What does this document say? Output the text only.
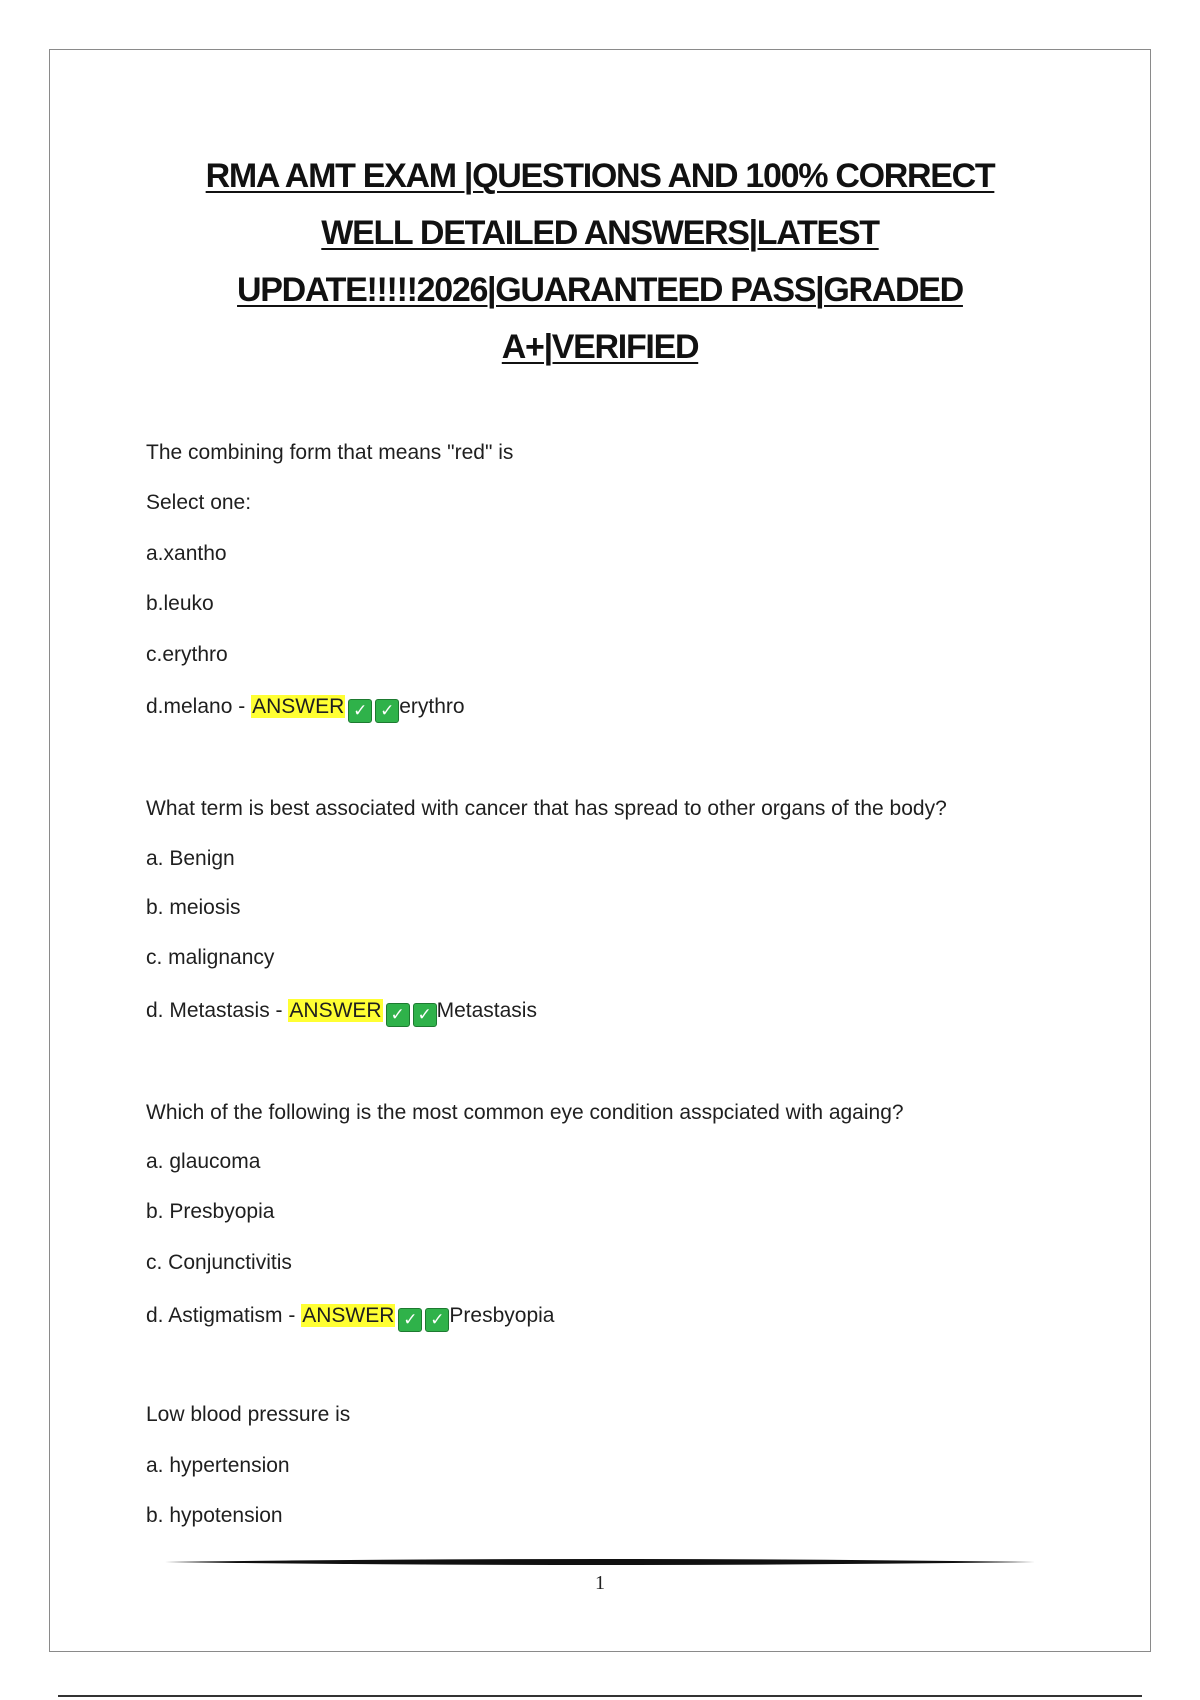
RMA AMT EXAM |QUESTIONS AND 100% CORRECT
WELL DETAILED ANSWERS|LATEST
UPDATE!!!!!2026|GUARANTEED PASS|GRADED
A+|VERIFIED
The combining form that means "red" is
Select one:
a.xantho
b.leuko
c.erythro
d.melano - ANSWER ✓ ✓ erythro
What term is best associated with cancer that has spread to other organs of the body?
a. Benign
b. meiosis
c. malignancy
d. Metastasis - ANSWER ✓ ✓ Metastasis
Which of the following is the most common eye condition asspciated with againg?
a. glaucoma
b. Presbyopia
c. Conjunctivitis
d. Astigmatism - ANSWER ✓ ✓ Presbyopia
Low blood pressure is
a. hypertension
b. hypotension
1
